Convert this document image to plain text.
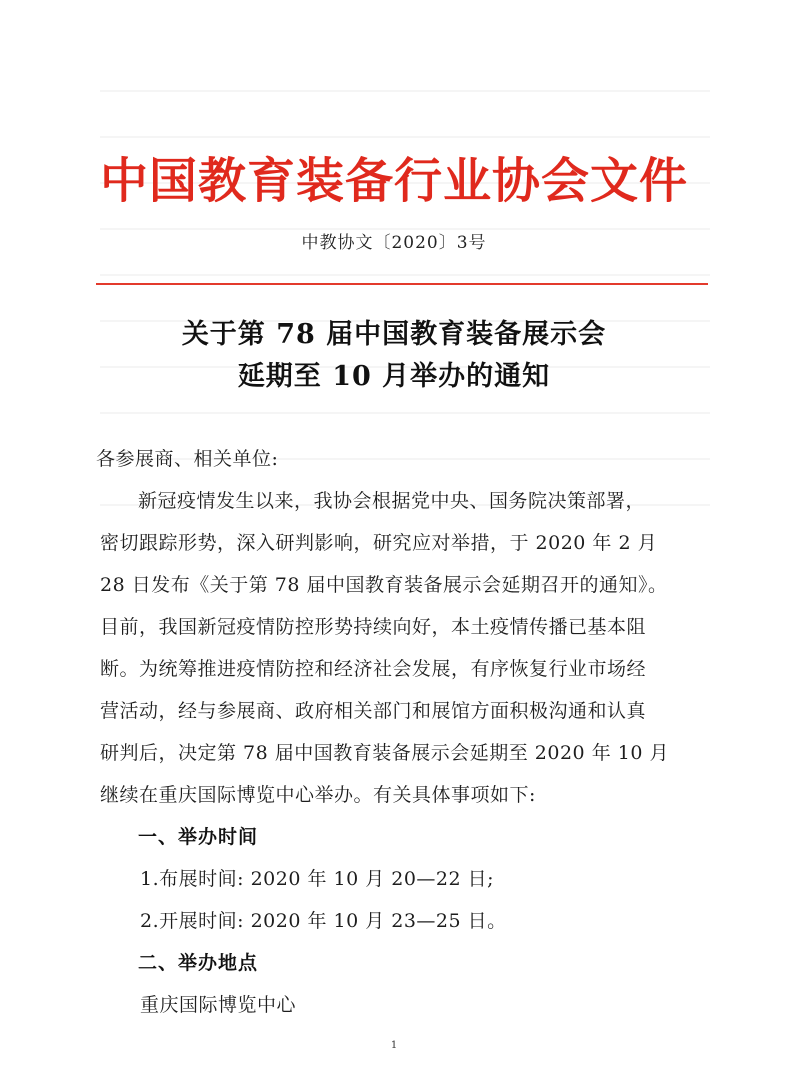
中国教育装备行业协会文件
中教协文〔2020〕3号
关于第 78 届中国教育装备展示会
延期至 10 月举办的通知
各参展商、相关单位:
新冠疫情发生以来，我协会根据党中央、国务院决策部署，
密切跟踪形势，深入研判影响，研究应对举措，于 2020 年 2 月
28 日发布《关于第 78 届中国教育装备展示会延期召开的通知》。
目前，我国新冠疫情防控形势持续向好，本土疫情传播已基本阻
断。为统筹推进疫情防控和经济社会发展，有序恢复行业市场经
营活动，经与参展商、政府相关部门和展馆方面积极沟通和认真
研判后，决定第 78 届中国教育装备展示会延期至 2020 年 10 月
继续在重庆国际博览中心举办。有关具体事项如下:
一、举办时间
1.布展时间: 2020 年 10 月 20—22 日;
2.开展时间: 2020 年 10 月 23—25 日。
二、举办地点
重庆国际博览中心
1
